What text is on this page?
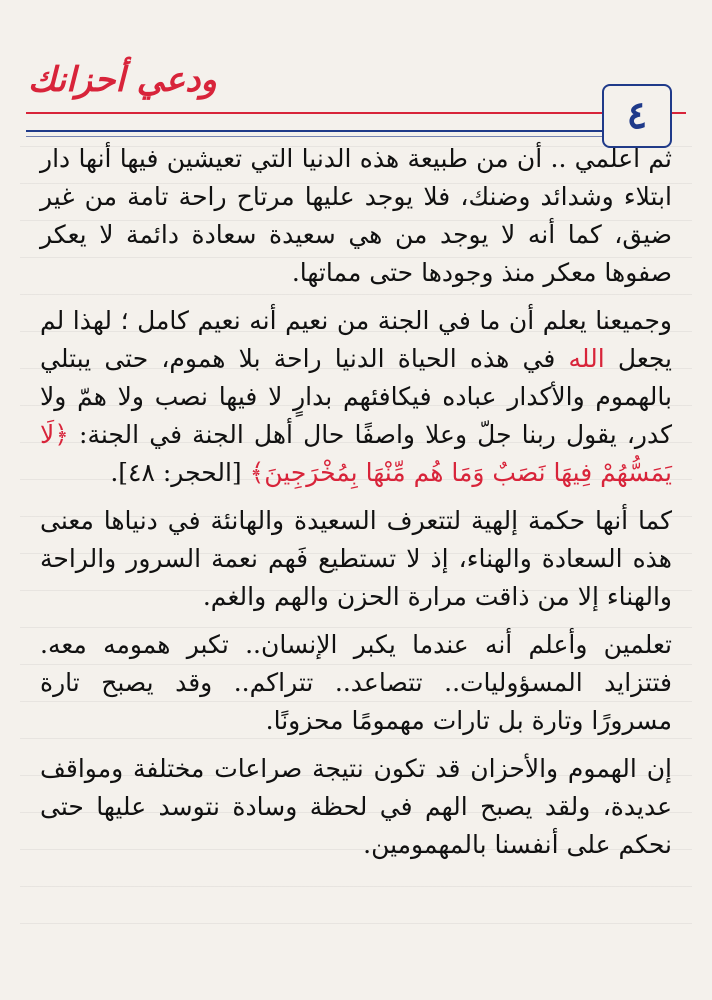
ودعي أحزانك
٤

ثم اعلمي .. أن من طبيعة هذه الدنيا التي تعيشين فيها أنها دار ابتلاء وشدائد وضنك، فلا يوجد عليها مرتاح راحة تامة من غير ضيق، كما أنه لا يوجد من هي سعيدة سعادة دائمة لا يعكر صفوها معكر منذ وجودها حتى مماتها.

وجميعنا يعلم أن ما في الجنة من نعيم أنه نعيم كامل ؛ لهذا لم يجعل الله في هذه الحياة الدنيا راحة بلا هموم، حتى يبتلي بالهموم والأكدار عباده فيكافئهم بدارٍ لا فيها نصب ولا همّ ولا كدر، يقول ربنا جلّ وعلا واصفًا حال أهل الجنة في الجنة: ﴿لَا يَمَسُّهُمْ فِيهَا نَصَبٌ وَمَا هُم مِّنْهَا بِمُخْرَجِينَ﴾ [الحجر: ٤٨].

كما أنها حكمة إلهية لتتعرف السعيدة والهانئة في دنياها معنى هذه السعادة والهناء، إذ لا تستطيع فَهم نعمة السرور والراحة والهناء إلا من ذاقت مرارة الحزن والهم والغم.

تعلمين وأعلم أنه عندما يكبر الإنسان.. تكبر همومه معه. فتتزايد المسؤوليات.. تتصاعد.. تتراكم.. وقد يصبح تارة مسرورًا وتارة بل تارات مهمومًا محزونًا.

إن الهموم والأحزان قد تكون نتيجة صراعات مختلفة ومواقف عديدة، ولقد يصبح الهم في لحظة وسادة نتوسد عليها حتى نحكم على أنفسنا بالمهمومين.
